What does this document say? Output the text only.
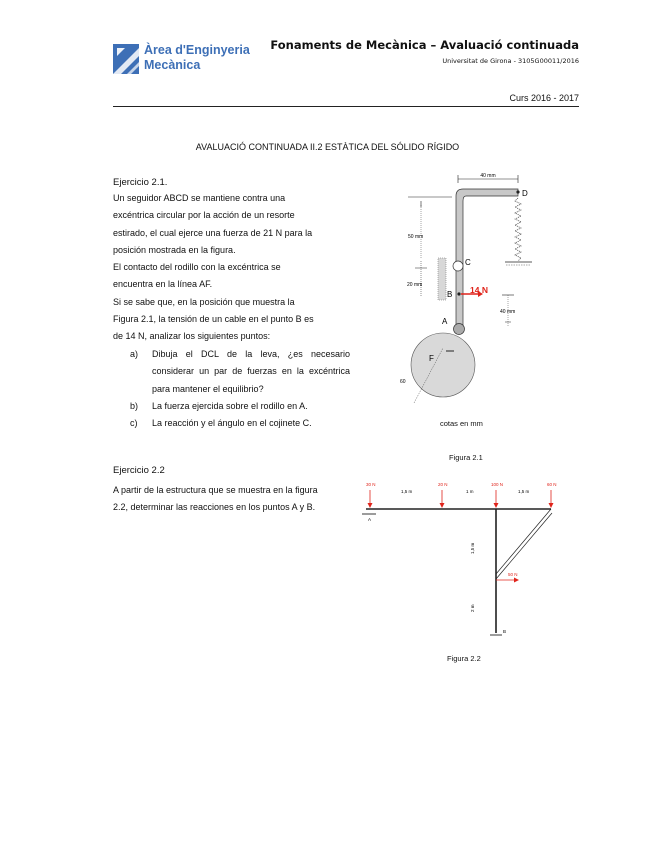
Àrea d'Enginyeria
Mecànica
Fonaments de Mecànica – Avaluació continuada
Universitat de Girona - 3105G00011/2016
Curs 2016 - 2017
AVALUACIÓ CONTINUADA II.2 ESTÀTICA DEL SÓLIDO RÍGIDO
Ejercicio 2.1.
Un seguidor ABCD se mantiene contra una
excéntrica circular por la acción de un resorte
estirado, el cual ejerce una fuerza de 21 N para la
posición mostrada en la figura.
El contacto del rodillo con la excéntrica se
encuentra en la línea AF.
Si se sabe que, en la posición que muestra la
Figura 2.1, la tensión de un cable en el punto B es
de 14 N, analizar los siguientes puntos:
a) Dibuja el DCL de la leva, ¿es necesario considerar un par de fuerzas en la excéntrica para mantener el equilibrio?
b) La fuerza ejercida sobre el rodillo en A.
c) La reacción y el ángulo en el cojinete C.
40 mm
D
50 mm
C
20 mm
B 14 N
40 mm
A
F
60
cotas en mm
Figura 2.1
Ejercicio 2.2
A partir de la estructura que se muestra en la figura
2.2, determinar las reacciones en los puntos A y B.
30 N	20 N	100 N	60 N
1,5 m	1 m	1,5 m
A
50 N
1,5 m
2 m
B
Figura 2.2
